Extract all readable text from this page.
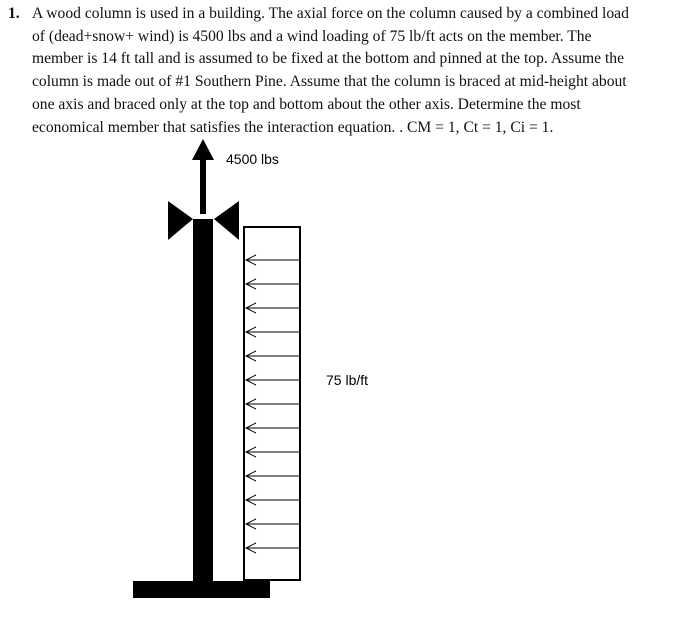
1. A wood column is used in a building. The axial force on the column caused by a combined load
of (dead+snow+ wind) is 4500 lbs and a wind loading of 75 lb/ft acts on the member. The
member is 14 ft tall and is assumed to be fixed at the bottom and pinned at the top. Assume the
column is made out of #1 Southern Pine. Assume that the column is braced at mid-height about
one axis and braced only at the top and bottom about the other axis. Determine the most
economical member that satisfies the interaction equation. . CM = 1, Ct = 1, Ci = 1.
4500 lbs
75 lb/ft
